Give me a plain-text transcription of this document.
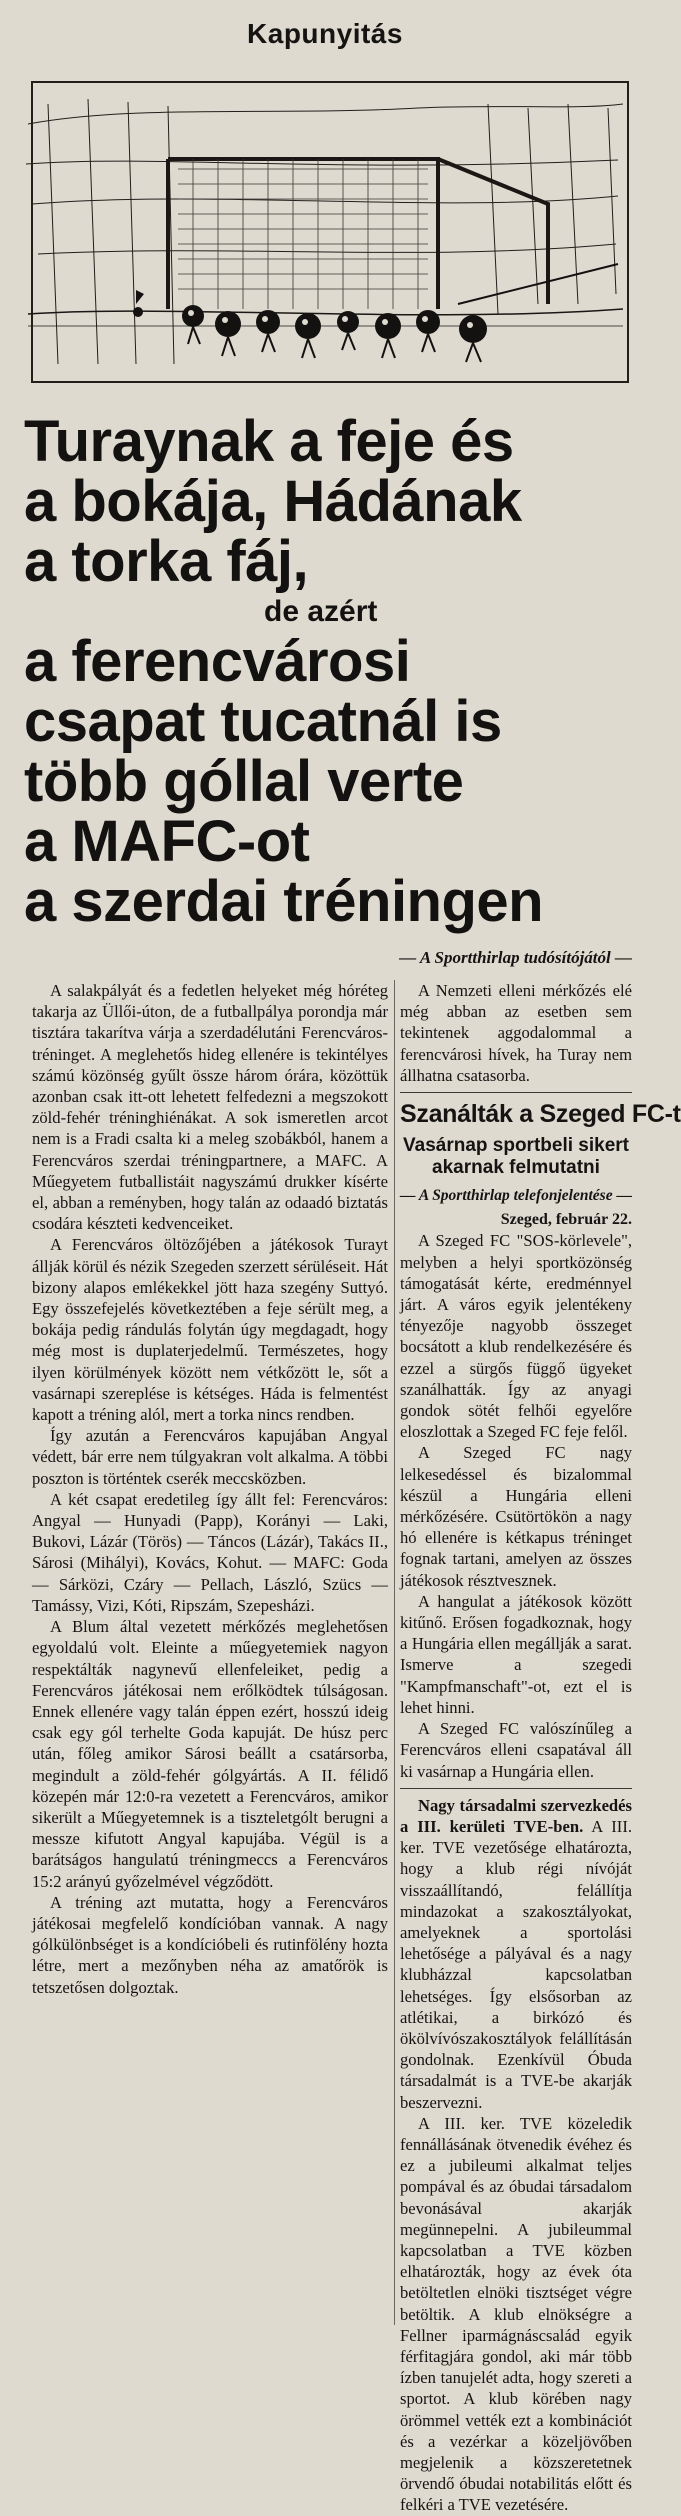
Kapunyitás
Turaynak a feje és
a bokája, Hádának
a torka fáj,
de azért
a ferencvárosi
csapat tucatnál is
több góllal verte
a MAFC-ot
a szerdai tréningen
— A Sportthirlap tudósítójától —

A salakpályát és a fedetlen helyeket még hóréteg takarja az Üllői-úton, de a futballpálya porondja már tisztára takarítva várja a szerdadélutáni Ferencváros-tréninget. A meglehetős hideg ellenére is tekintélyes számú közönség gyűlt össze három órára, közöttük azonban csak itt-ott lehetett felfedezni a megszokott zöld-fehér tréninghiénákat. A sok ismeretlen arcot nem is a Fradi csalta ki a meleg szobákból, hanem a Ferencváros szerdai tréningpartnere, a MAFC. A Műegyetem futballistáit nagyszámú drukker kísérte el, abban a reményben, hogy talán az odaadó biztatás csodára készteti kedvenceiket.

A Ferencváros öltözőjében a játékosok Turayt állják körül és nézik Szegeden szerzett sérüléseit. Hát bizony alapos emlékekkel jött haza szegény Suttyó. Egy összefejelés következtében a feje sérült meg, a bokája pedig rándulás folytán úgy megdagadt, hogy még most is duplaterjedelmű. Természetes, hogy ilyen körülmények között nem vétkőzött le, sőt a vasárnapi szereplése is kétséges. Háda is felmentést kapott a tréning alól, mert a torka nincs rendben.

Így azután a Ferencváros kapujában Angyal védett, bár erre nem túlgyakran volt alkalma. A többi poszton is történtek cserék meccsközben.

A két csapat eredetileg így állt fel: Ferencváros: Angyal — Hunyadi (Papp), Korányi — Laki, Bukovi, Lázár (Törös) — Táncos (Lázár), Takács II., Sárosi (Mihályi), Kovács, Kohut. — MAFC: Goda — Sárközi, Czáry — Pellach, László, Szücs — Tamássy, Vizi, Kóti, Ripszám, Szepesházi.

A Blum által vezetett mérkőzés meglehetősen egyoldalú volt. Eleinte a műegyetemiek nagyon respektálták nagynevű ellenfeleiket, pedig a Ferencváros játékosai nem erőlködtek túlságosan. Ennek ellenére vagy talán éppen ezért, hosszú ideig csak egy gól terhelte Goda kapuját. De húsz perc után, főleg amikor Sárosi beállt a csatársorba, megindult a zöld-fehér gólgyártás. A II. félidő közepén már 12:0-ra vezetett a Ferencváros, amikor sikerült a Műegyetemnek is a tiszteletgólt berugni a messze kifutott Angyal kapujába. Végül is a barátságos hangulatú tréningmeccs a Ferencváros 15:2 arányú győzelmével végződött.

A tréning azt mutatta, hogy a Ferencváros játékosai megfelelő kondícióban vannak. A nagy gólkülönbséget is a kondícióbeli és rutinfölény hozta létre, mert a mezőnyben néha az amatőrök is tetszetősen dolgoztak.

A Nemzeti elleni mérkőzés elé még abban az esetben sem tekintenek aggodalommal a ferencvárosi hívek, ha Turay nem állhatna csatasorba.

Szanálták a Szeged FC-t
Vasárnap sportbeli sikert akarnak felmutatni
— A Sportthirlap telefonjelentése —
Szeged, február 22.

A Szeged FC "SOS-körlevele", melyben a helyi sportközönség támogatását kérte, eredménnyel járt. A város egyik jelentékeny tényezője nagyobb összeget bocsátott a klub rendelkezésére és ezzel a sürgős függő ügyeket szanálhatták. Így az anyagi gondok sötét felhői egyelőre eloszlottak a Szeged FC feje felől.

A Szeged FC nagy lelkesedéssel és bizalommal készül a Hungária elleni mérkőzésére. Csütörtökön a nagy hó ellenére is kétkapus tréninget fognak tartani, amelyen az összes játékosok résztvesznek.

A hangulat a játékosok között kitűnő. Erősen fogadkoznak, hogy a Hungária ellen megállják a sarat. Ismerve a szegedi "Kampfmanschaft"-ot, ezt el is lehet hinni.

A Szeged FC valószínűleg a Ferencváros elleni csapatával áll ki vasárnap a Hungária ellen.

Nagy társadalmi szervezkedés a III. kerületi TVE-ben. A III. ker. TVE vezetősége elhatározta, hogy a klub régi nívóját visszaállítandó, felállítja mindazokat a szakosztályokat, amelyeknek a sportolási lehetősége a pályával és a nagy klubházzal kapcsolatban lehetséges. Így elsősorban az atlétikai, a birkózó és ökölvívószakosztályok felállításán gondolnak. Ezenkívül Óbuda társadalmát is a TVE-be akarják beszervezni.

A III. ker. TVE közeledik fennállásának ötvenedik évéhez és ez a jubileumi alkalmat teljes pompával és az óbudai társadalom bevonásával akarják megünnepelni. A jubileummal kapcsolatban a TVE közben elhatározták, hogy az évek óta betöltetlen elnöki tisztséget végre betöltik. A klub elnökségre a Fellner iparmágnáscsalád egyik férfitagjára gondol, aki már több ízben tanujelét adta, hogy szereti a sportot. A klub körében nagy örömmel vették ezt a kombinációt és a vezérkar a közeljövőben megjelenik a közszeretetnek örvendő óbudai notabilitás előtt és felkéri a TVE vezetésére.
